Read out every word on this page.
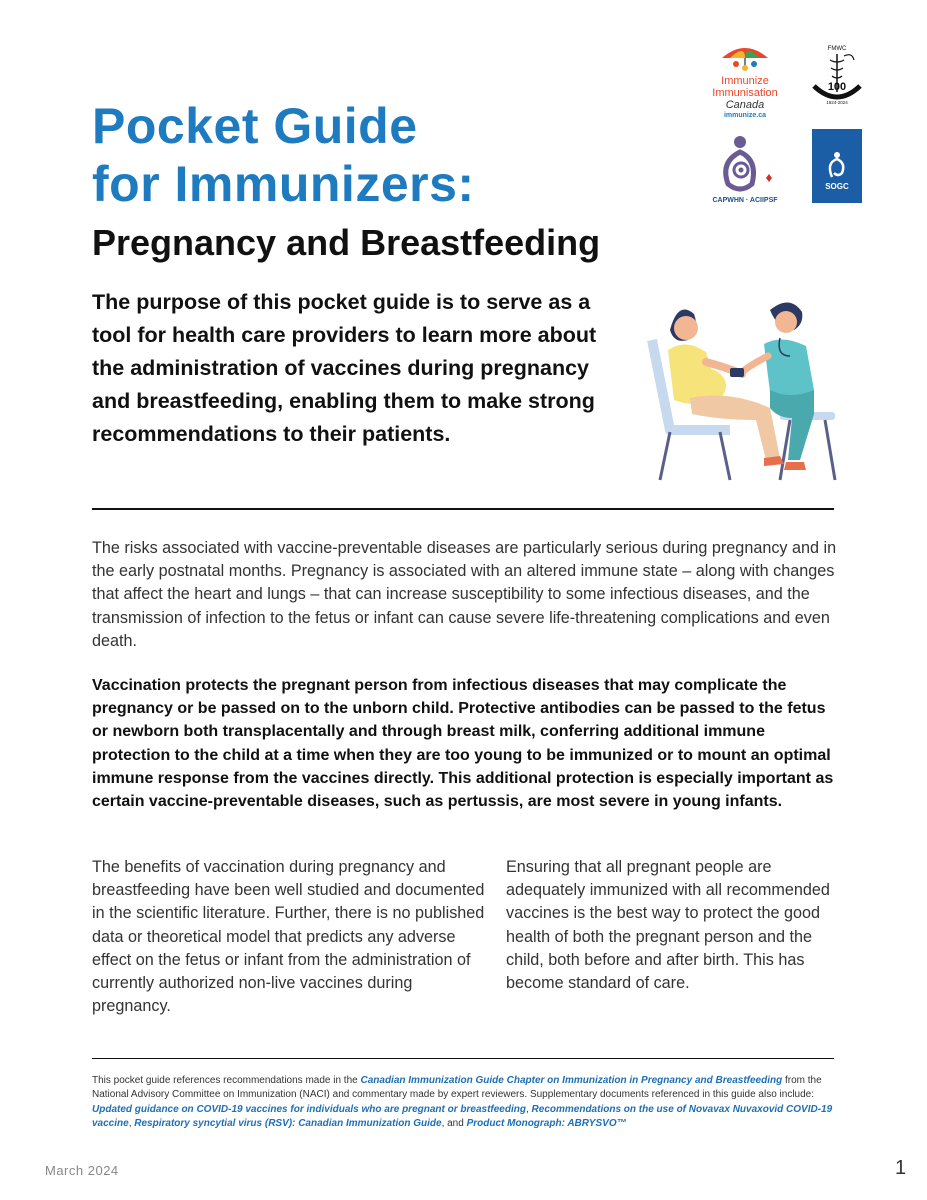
Immunize
Immunisation
Canada
immunize.ca
FMWC
100
1924-2024
CAPWHN · ACIIPSF
SOGC
Pocket Guide
for Immunizers:
Pregnancy and Breastfeeding
The purpose of this pocket guide is to serve as a tool for health care providers to learn more about the administration of vaccines during pregnancy and breastfeeding, enabling them to make strong recommendations to their patients.
The risks associated with vaccine-preventable diseases are particularly serious during pregnancy and in the early postnatal months. Pregnancy is associated with an altered immune state – along with changes that affect the heart and lungs – that can increase susceptibility to some infectious diseases, and the transmission of infection to the fetus or infant can cause severe life-threatening complications and even death.
Vaccination protects the pregnant person from infectious diseases that may complicate the pregnancy or be passed on to the unborn child. Protective antibodies can be passed to the fetus or newborn both transplacentally and through breast milk, conferring additional immune protection to the child at a time when they are too young to be immunized or to mount an optimal immune response from the vaccines directly. This additional protection is especially important as certain vaccine-preventable diseases, such as pertussis, are most severe in young infants.
The benefits of vaccination during pregnancy and breastfeeding have been well studied and documented in the scientific literature. Further, there is no published data or theoretical model that predicts any adverse effect on the fetus or infant from the administration of currently authorized non-live vaccines during pregnancy.
Ensuring that all pregnant people are adequately immunized with all recommended vaccines is the best way to protect the good health of both the pregnant person and the child, both before and after birth. This has become standard of care.
This pocket guide references recommendations made in the Canadian Immunization Guide Chapter on Immunization in Pregnancy and Breastfeeding from the National Advisory Committee on Immunization (NACI) and commentary made by expert reviewers. Supplementary documents referenced in this guide also include: Updated guidance on COVID-19 vaccines for individuals who are pregnant or breastfeeding, Recommendations on the use of Novavax Nuvaxovid COVID-19 vaccine, Respiratory syncytial virus (RSV): Canadian Immunization Guide, and Product Monograph: ABRYSVO™
March 2024	1
